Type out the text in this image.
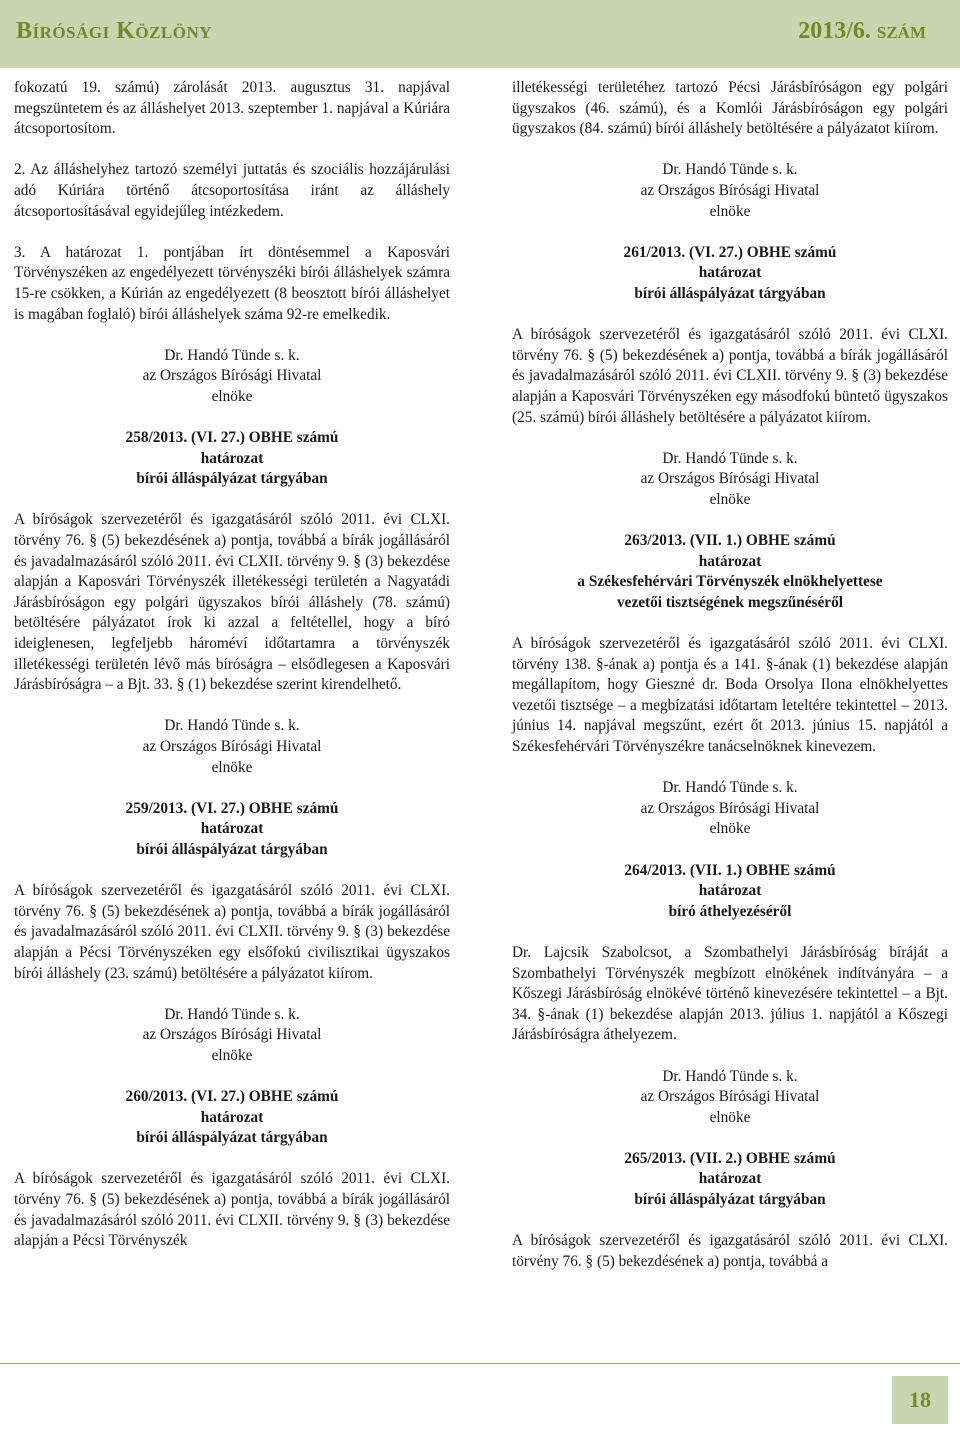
Bírósági Közlöny	2013/6. szám

fokozatú 19. számú) zárolását 2013. augusztus 31. napjával megszüntetem és az álláshelyet 2013. szeptember 1. napjával a Kúriára átcsoportosítom.

2. Az álláshelyhez tartozó személyi juttatás és szociális hozzájárulási adó Kúriára történő átcsoportosítása iránt az álláshely átcsoportosításával egyidejűleg intézkedem.

3. A határozat 1. pontjában írt döntésemmel a Kaposvári Törvényszéken az engedélyezett törvényszéki bírói álláshelyek számra 15-re csökken, a Kúrián az engedélyezett (8 beosztott bírói álláshelyet is magában foglaló) bírói álláshelyek száma 92-re emelkedik.

Dr. Handó Tünde s. k.
az Országos Bírósági Hivatal
elnöke
258/2013. (VI. 27.) OBHE számú
határozat
bírói álláspályázat tárgyában

A bíróságok szervezetéről és igazgatásáról szóló 2011. évi CLXI. törvény 76. § (5) bekezdésének a) pontja, továbbá a bírák jogállásáról és javadalmazásáról szóló 2011. évi CLXII. törvény 9. § (3) bekezdése alapján a Kaposvári Törvényszék illetékességi területén a Nagyatádi Járásbíróságon egy polgári ügyszakos bírói álláshely (78. számú) betöltésére pályázatot írok ki azzal a feltétellel, hogy a bíró ideiglenesen, legfeljebb hároméví időtartamra a törvényszék illetékességi területén lévő más bíróságra – elsődlegesen a Kaposvári Járásbíróságra – a Bjt. 33. § (1) bekezdése szerint kirendelhető.

Dr. Handó Tünde s. k.
az Országos Bírósági Hivatal
elnöke
259/2013. (VI. 27.) OBHE számú
határozat
bírói álláspályázat tárgyában

A bíróságok szervezetéről és igazgatásáról szóló 2011. évi CLXI. törvény 76. § (5) bekezdésének a) pontja, továbbá a bírák jogállásáról és javadalmazásáról szóló 2011. évi CLXII. törvény 9. § (3) bekezdése alapján a Pécsi Törvényszéken egy elsőfokú civilisztikai ügyszakos bírói álláshely (23. számú) betöltésére a pályázatot kiírom.

Dr. Handó Tünde s. k.
az Országos Bírósági Hivatal
elnöke
260/2013. (VI. 27.) OBHE számú
határozat
bírói álláspályázat tárgyában

A bíróságok szervezetéről és igazgatásáról szóló 2011. évi CLXI. törvény 76. § (5) bekezdésének a) pontja, továbbá a bírák jogállásáról és javadalmazásáról szóló 2011. évi CLXII. törvény 9. § (3) bekezdése alapján a Pécsi Törvényszék

illetékességi területéhez tartozó Pécsi Járásbíróságon egy polgári ügyszakos (46. számú), és a Komlói Járásbíróságon egy polgári ügyszakos (84. számú) bírói álláshely betöltésére a pályázatot kiírom.

Dr. Handó Tünde s. k.
az Országos Bírósági Hivatal
elnöke
261/2013. (VI. 27.) OBHE számú
határozat
bírói álláspályázat tárgyában

A bíróságok szervezetéről és igazgatásáról szóló 2011. évi CLXI. törvény 76. § (5) bekezdésének a) pontja, továbbá a bírák jogállásáról és javadalmazásáról szóló 2011. évi CLXII. törvény 9. § (3) bekezdése alapján a Kaposvári Törvényszéken egy másodfokú büntető ügyszakos (25. számú) bírói álláshely betöltésére a pályázatot kiírom.

Dr. Handó Tünde s. k.
az Országos Bírósági Hivatal
elnöke
263/2013. (VII. 1.) OBHE számú
határozat
a Székesfehérvári Törvényszék elnökhelyettese
vezetői tisztségének megszűnéséről

A bíróságok szervezetéről és igazgatásáról szóló 2011. évi CLXI. törvény 138. §-ának a) pontja és a 141. §-ának (1) bekezdése alapján megállapítom, hogy Gieszné dr. Boda Orsolya Ilona elnökhelyettes vezetői tisztsége – a megbízatási időtartam leteltére tekintettel – 2013. június 14. napjával megszűnt, ezért őt 2013. június 15. napjától a Székesfehérvári Törvényszékre tanácselnöknek kinevezem.

Dr. Handó Tünde s. k.
az Országos Bírósági Hivatal
elnöke
264/2013. (VII. 1.) OBHE számú
határozat
bíró áthelyezéséről

Dr. Lajcsik Szabolcsot, a Szombathelyi Járásbíróság bíráját a Szombathelyi Törvényszék megbízott elnökének indítványára – a Kőszegi Járásbíróság elnökévé történő kinevezésére tekintettel – a Bjt. 34. §-ának (1) bekezdése alapján 2013. július 1. napjától a Kőszegi Járásbíróságra áthelyezem.

Dr. Handó Tünde s. k.
az Országos Bírósági Hivatal
elnöke
265/2013. (VII. 2.) OBHE számú
határozat
bírói álláspályázat tárgyában

A bíróságok szervezetéről és igazgatásáról szóló 2011. évi CLXI. törvény 76. § (5) bekezdésének a) pontja, továbbá a

18
